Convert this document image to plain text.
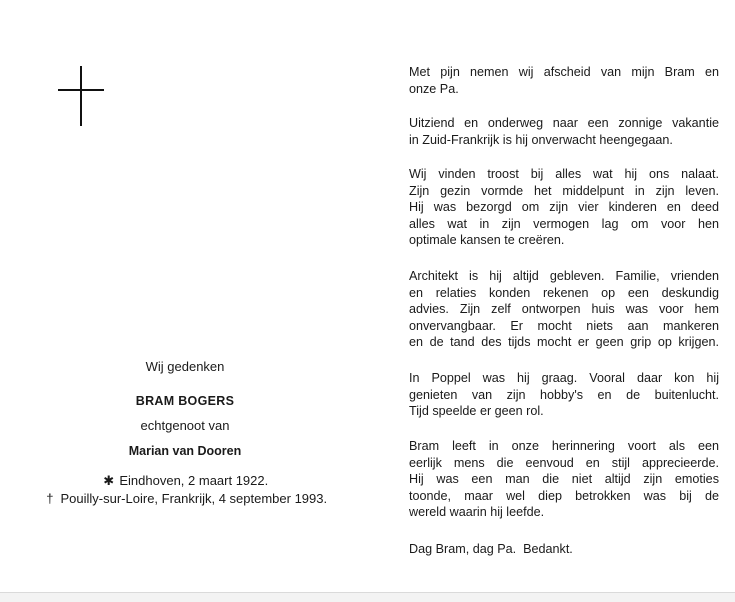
Wij gedenken
BRAM BOGERS
echtgenoot van
Marian van Dooren
✱ Eindhoven, 2 maart 1922.
† Pouilly-sur-Loire, Frankrijk, 4 september 1993.
Met pijn nemen wij afscheid van mijn Bram en
onze Pa.
Uitziend en onderweg naar een zonnige vakantie
in Zuid-Frankrijk is hij onverwacht heengegaan.
Wij vinden troost bij alles wat hij ons nalaat.
Zijn gezin vormde het middelpunt in zijn leven.
Hij was bezorgd om zijn vier kinderen en deed
alles wat in zijn vermogen lag om voor hen
optimale kansen te creëren.
Architekt is hij altijd gebleven. Familie, vrienden
en relaties konden rekenen op een deskundig
advies. Zijn zelf ontworpen huis was voor hem
onvervangbaar. Er mocht niets aan mankeren
en de tand des tijds mocht er geen grip op krijgen.
In Poppel was hij graag. Vooral daar kon hij
genieten van zijn hobby's en de buitenlucht.
Tijd speelde er geen rol.
Bram leeft in onze herinnering voort als een
eerlijk mens die eenvoud en stijl apprecieerde.
Hij was een man die niet altijd zijn emoties
toonde, maar wel diep betrokken was bij de
wereld waarin hij leefde.
Dag Bram, dag Pa.  Bedankt.
